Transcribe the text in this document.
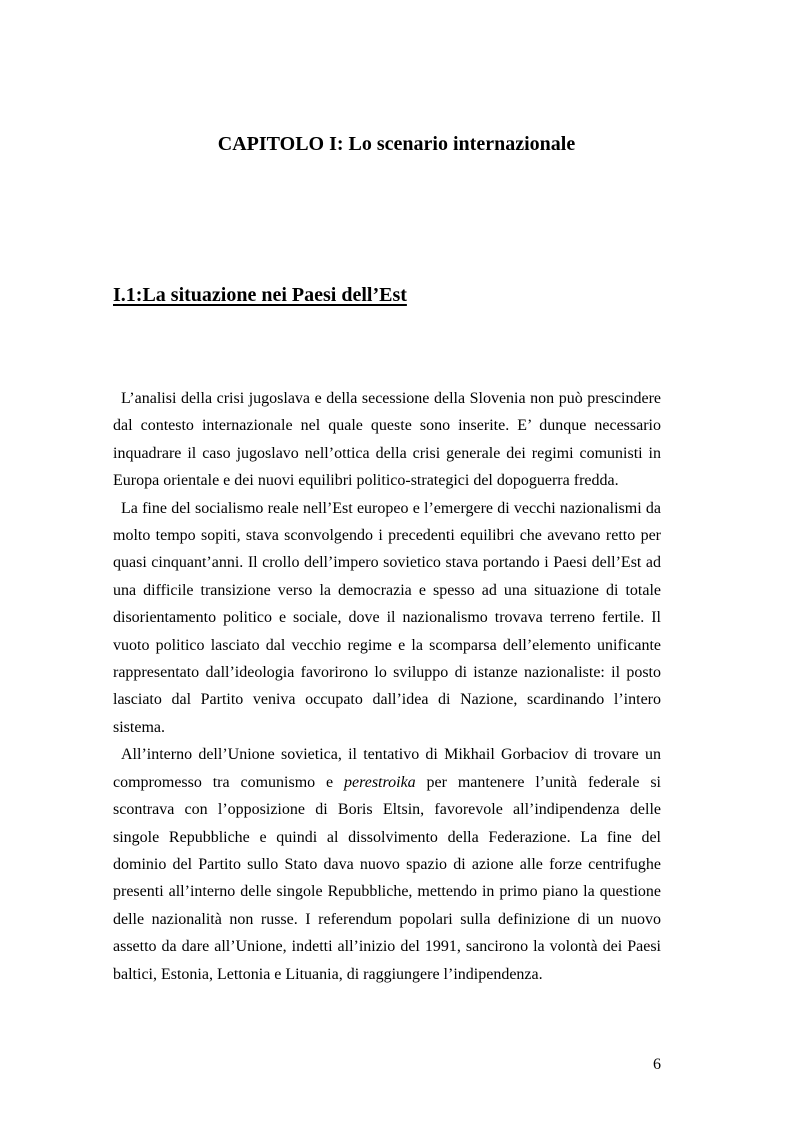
CAPITOLO I: Lo scenario internazionale
I.1:La situazione nei Paesi dell’Est

L’analisi della crisi jugoslava e della secessione della Slovenia non può prescindere dal contesto internazionale nel quale queste sono inserite. E’ dunque necessario inquadrare il caso jugoslavo nell’ottica della crisi generale dei regimi comunisti in Europa orientale e dei nuovi equilibri politico-strategici del dopoguerra fredda.

La fine del socialismo reale nell’Est europeo e l’emergere di vecchi nazionalismi da molto tempo sopiti, stava sconvolgendo i precedenti equilibri che avevano retto per quasi cinquant’anni. Il crollo dell’impero sovietico stava portando i Paesi dell’Est ad una difficile transizione verso la democrazia e spesso ad una situazione di totale disorientamento politico e sociale, dove il nazionalismo trovava terreno fertile. Il vuoto politico lasciato dal vecchio regime e la scomparsa dell’elemento unificante rappresentato dall’ideologia favorirono lo sviluppo di istanze nazionaliste: il posto lasciato dal Partito veniva occupato dall’idea di Nazione, scardinando l’intero sistema.

All’interno dell’Unione sovietica, il tentativo di Mikhail Gorbaciov di trovare un compromesso tra comunismo e perestroika per mantenere l’unità federale si scontrava con l’opposizione di Boris Eltsin, favorevole all’indipendenza delle singole Repubbliche e quindi al dissolvimento della Federazione. La fine del dominio del Partito sullo Stato dava nuovo spazio di azione alle forze centrifughe presenti all’interno delle singole Repubbliche, mettendo in primo piano la questione delle nazionalità non russe. I referendum popolari sulla definizione di un nuovo assetto da dare all’Unione, indetti all’inizio del 1991, sancirono la volontà dei Paesi baltici, Estonia, Lettonia e Lituania, di raggiungere l’indipendenza.

6
